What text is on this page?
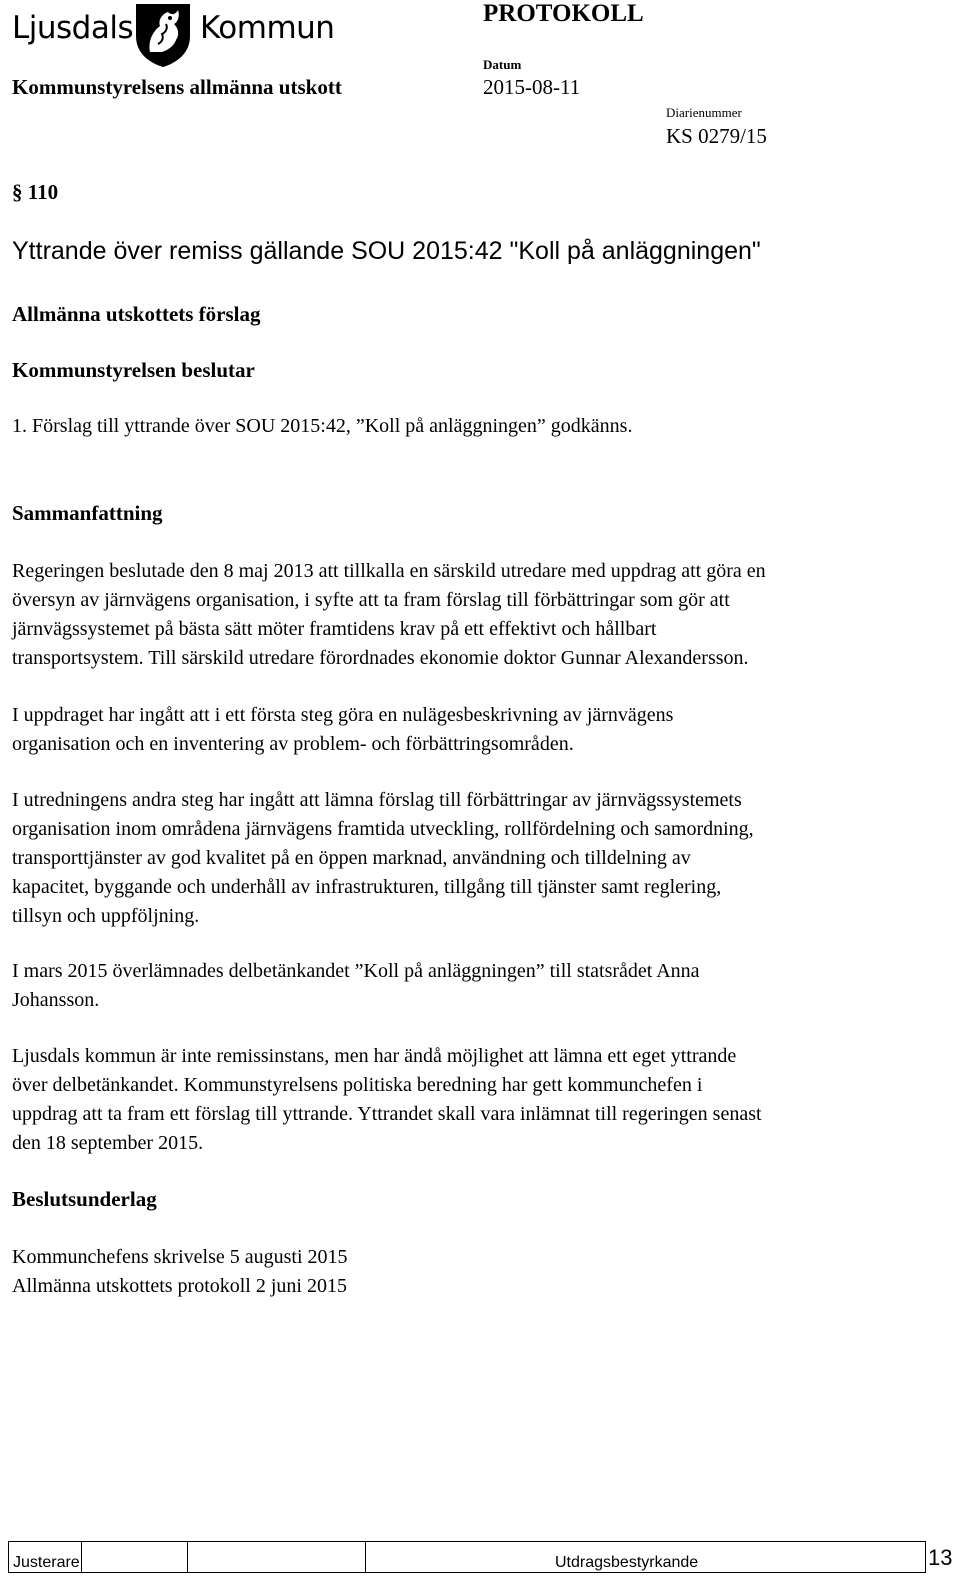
Ljusdals Kommun	PROTOKOLL
Kommunstyrelsens allmänna utskott
Datum
2015-08-11
Diarienummer
KS 0279/15
§ 110
Yttrande över remiss gällande SOU 2015:42 "Koll på anläggningen"
Allmänna utskottets förslag
Kommunstyrelsen beslutar
1. Förslag till yttrande över SOU 2015:42, ”Koll på anläggningen” godkänns.
Sammanfattning
Regeringen beslutade den 8 maj 2013 att tillkalla en särskild utredare med uppdrag att göra en
översyn av järnvägens organisation, i syfte att ta fram förslag till förbättringar som gör att
järnvägssystemet på bästa sätt möter framtidens krav på ett effektivt och hållbart
transportsystem. Till särskild utredare förordnades ekonomie doktor Gunnar Alexandersson.
I uppdraget har ingått att i ett första steg göra en nulägesbeskrivning av järnvägens
organisation och en inventering av problem- och förbättringsområden.
I utredningens andra steg har ingått att lämna förslag till förbättringar av järnvägssystemets
organisation inom områdena järnvägens framtida utveckling, rollfördelning och samordning,
transporttjänster av god kvalitet på en öppen marknad, användning och tilldelning av
kapacitet, byggande och underhåll av infrastrukturen, tillgång till tjänster samt reglering,
tillsyn och uppföljning.
I mars 2015 överlämnades delbetänkandet ”Koll på anläggningen” till statsrådet Anna
Johansson.
Ljusdals kommun är inte remissinstans, men har ändå möjlighet att lämna ett eget yttrande
över delbetänkandet. Kommunstyrelsens politiska beredning har gett kommunchefen i
uppdrag att ta fram ett förslag till yttrande. Yttrandet skall vara inlämnat till regeringen senast
den 18 september 2015.
Beslutsunderlag
Kommunchefens skrivelse 5 augusti 2015
Allmänna utskottets protokoll 2 juni 2015
Justerare	Utdragsbestyrkande	13
